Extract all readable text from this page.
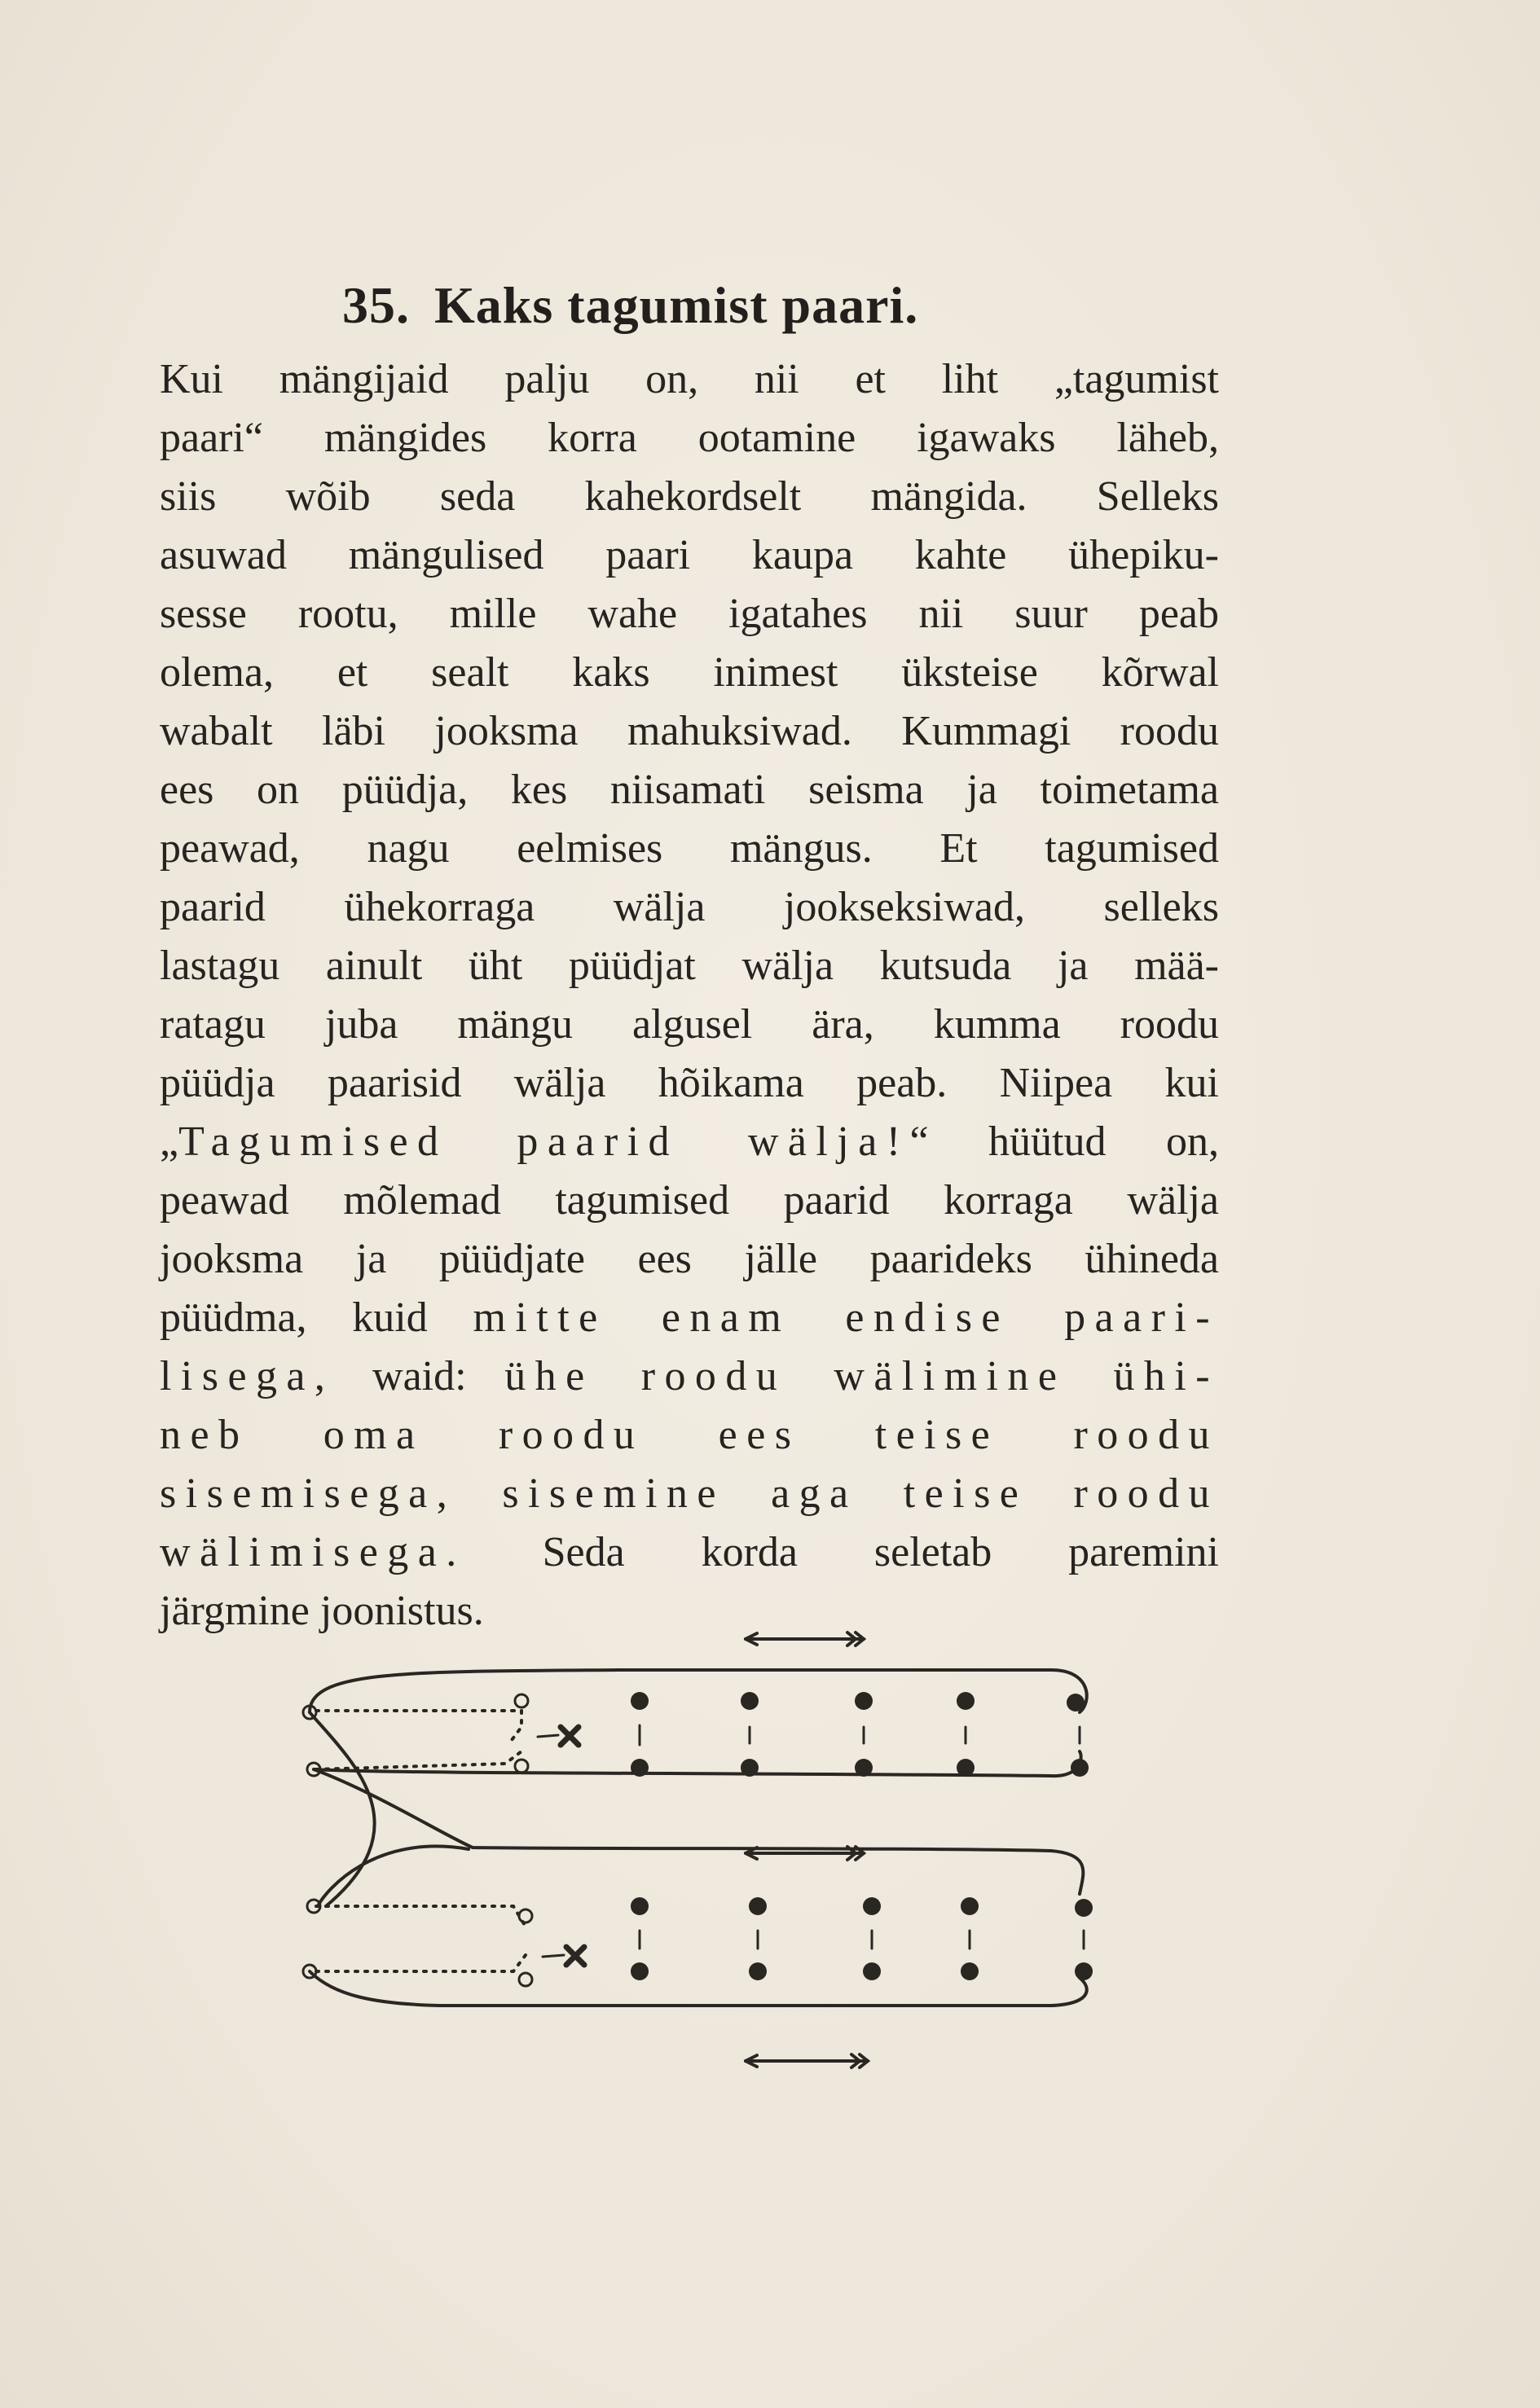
35. Kaks tagumist paari.
Kui mängijaid palju on, nii et liht „tagumist
paari“ mängides korra ootamine igawaks läheb,
siis wõib seda kahekordselt mängida. Selleks
asuwad mängulised paari kaupa kahte ühepiku-
sesse rootu, mille wahe igatahes nii suur peab
olema, et sealt kaks inimest üksteise kõrwal
wabalt läbi jooksma mahuksiwad. Kummagi roodu
ees on püüdja, kes niisamati seisma ja toimetama
peawad, nagu eelmises mängus. Et tagumised
paarid ühekorraga wälja jookseksiwad, selleks
lastagu ainult üht püüdjat wälja kutsuda ja mää-
ratagu juba mängu algusel ära, kumma roodu
püüdja paarisid wälja hõikama peab. Niipea kui
„Tagumised paarid wälja!“ hüütud on,
peawad mõlemad tagumised paarid korraga wälja
jooksma ja püüdjate ees jälle paarideks ühineda
püüdma, kuid mitte enam endise paari-
lisega, waid: ühe roodu wälimine ühi-
neb oma roodu ees teise roodu
sisemisega, sisemine aga teise roodu
wälimisega. Seda korda seletab paremini
järgmine joonistus.
